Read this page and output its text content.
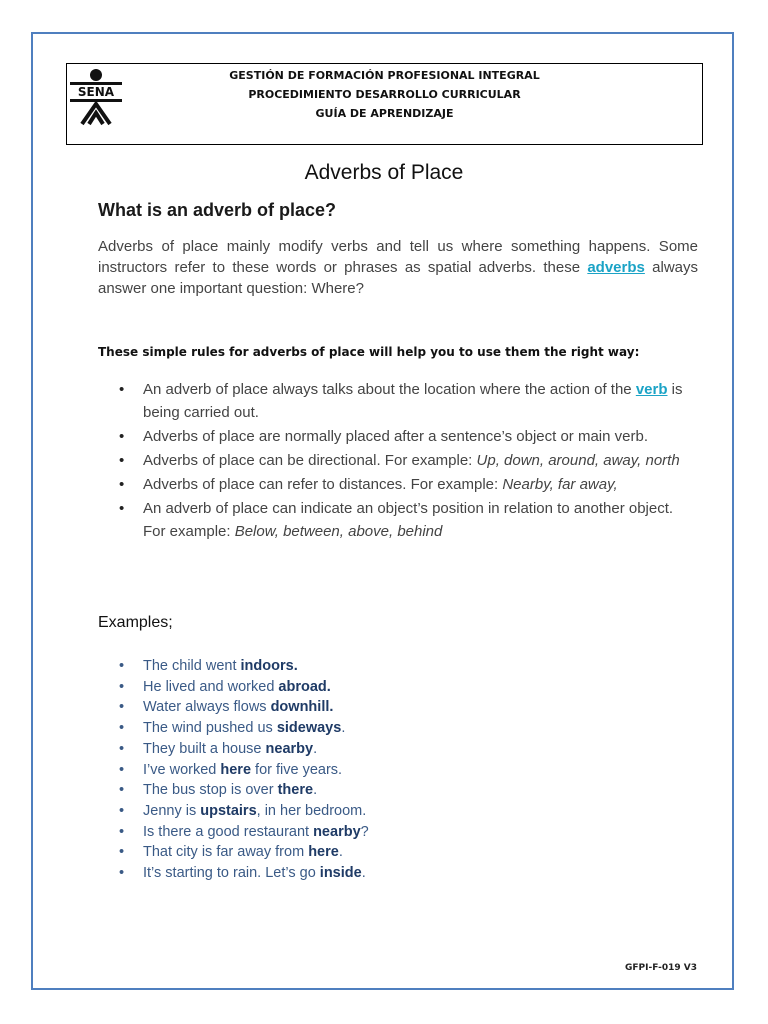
SENA
GESTIÓN DE FORMACIÓN PROFESIONAL INTEGRAL
PROCEDIMIENTO DESARROLLO CURRICULAR
GUÍA DE APRENDIZAJE
Adverbs of Place
What is an adverb of place?
Adverbs of place mainly modify verbs and tell us where something happens. Some instructors refer to these words or phrases as spatial adverbs. these adverbs always answer one important question: Where?
These simple rules for adverbs of place will help you to use them the right way:
• An adverb of place always talks about the location where the action of the verb is being carried out.
• Adverbs of place are normally placed after a sentence’s object or main verb.
• Adverbs of place can be directional. For example: Up, down, around, away, north
• Adverbs of place can refer to distances. For example: Nearby, far away,
• An adverb of place can indicate an object’s position in relation to another object. For example: Below, between, above, behind
Examples;
• The child went indoors.
• He lived and worked abroad.
• Water always flows downhill.
• The wind pushed us sideways.
• They built a house nearby.
• I’ve worked here for five years.
• The bus stop is over there.
• Jenny is upstairs, in her bedroom.
• Is there a good restaurant nearby?
• That city is far away from here.
• It’s starting to rain. Let’s go inside.
GFPI-F-019 V3
